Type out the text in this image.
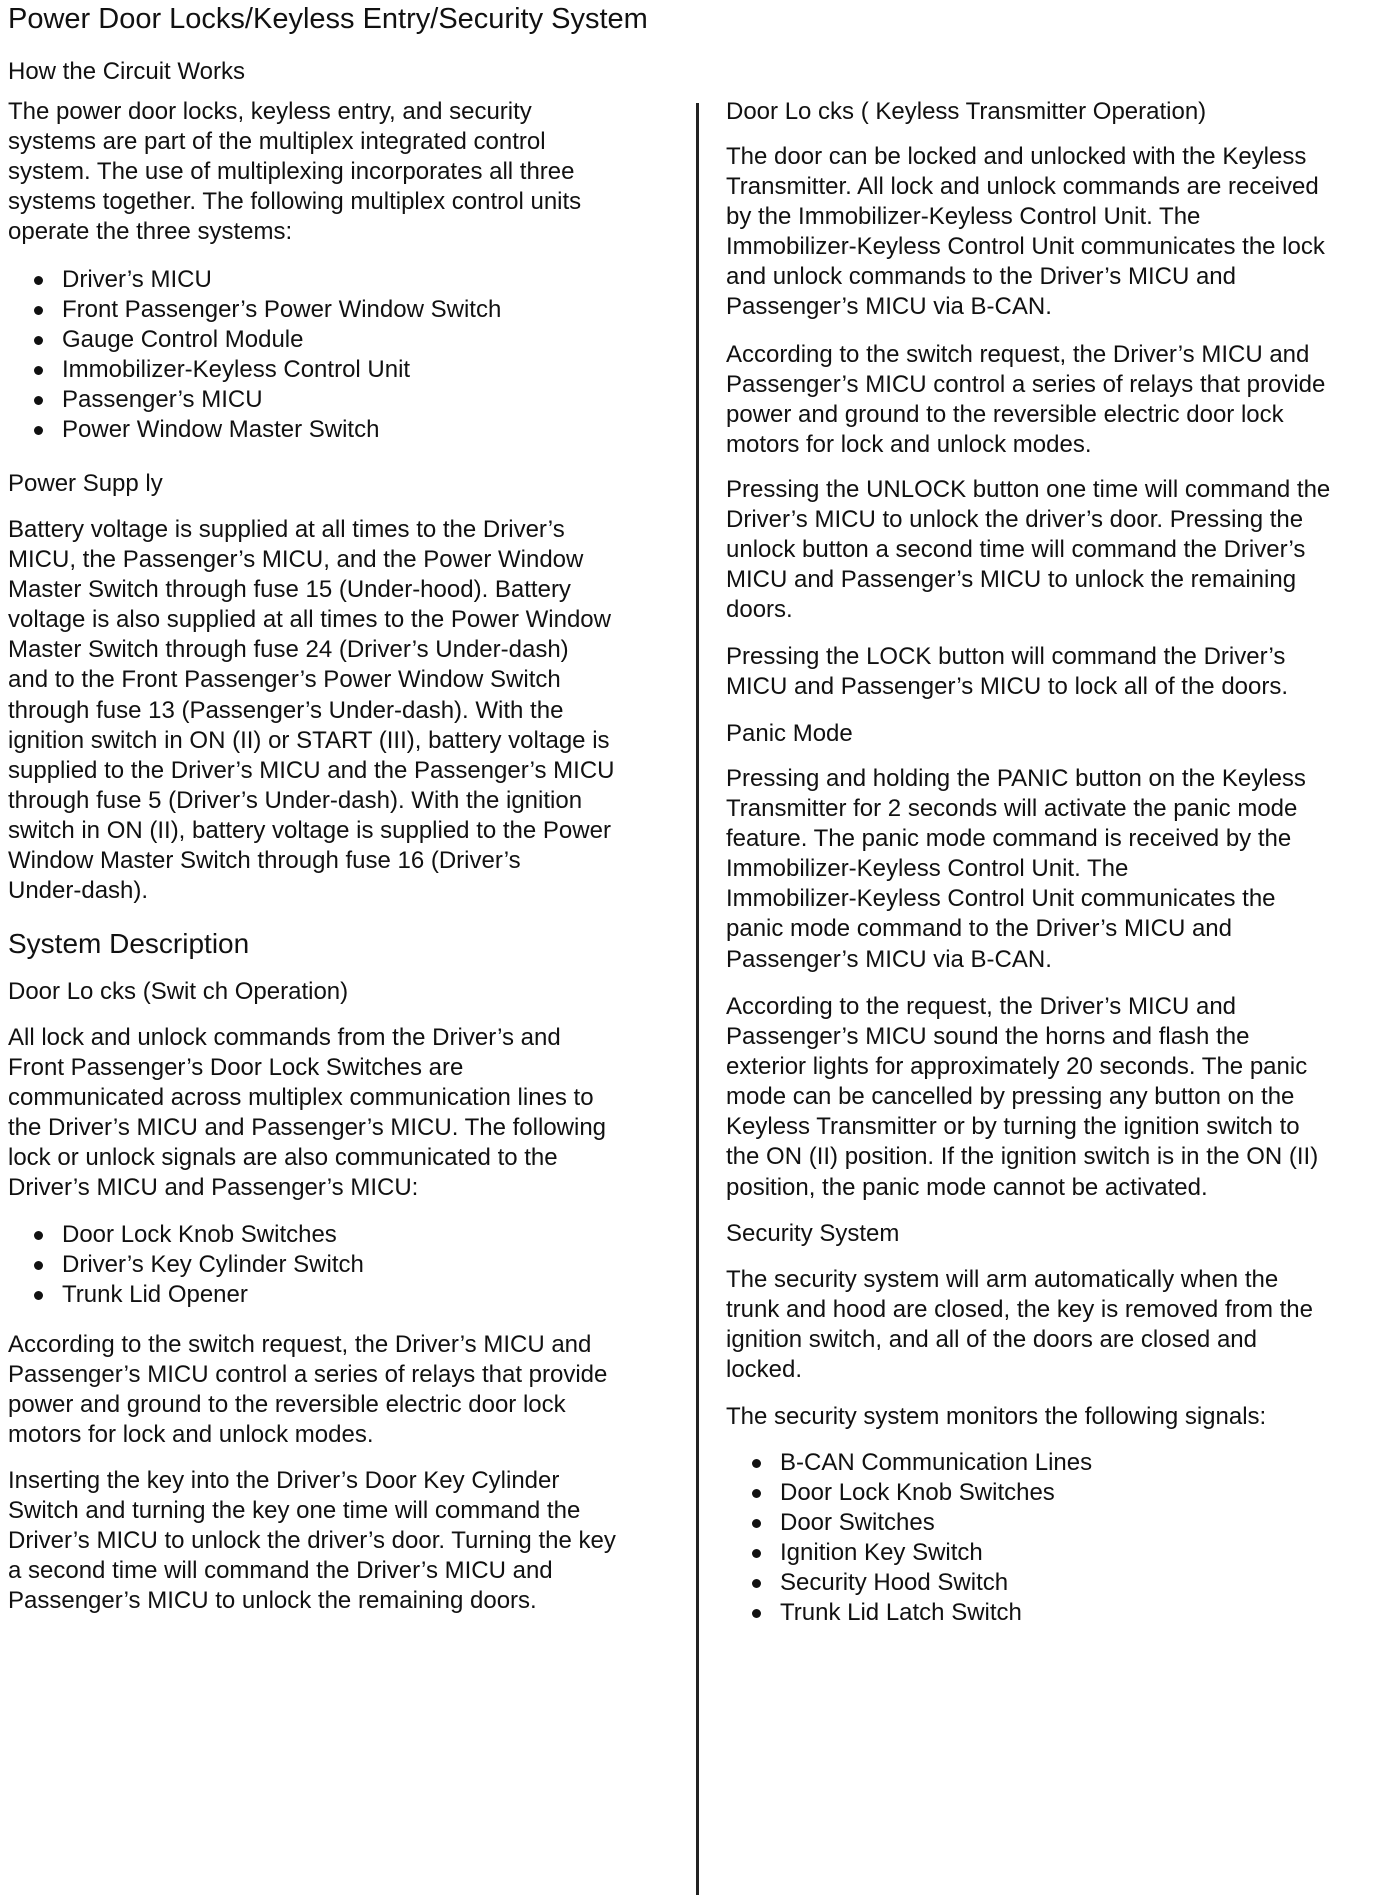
Power Door Locks/Keyless Entry/Security System
How the Circuit Works
The power door locks, keyless entry, and security
systems are part of the multiplex integrated control
system. The use of multiplexing incorporates all three
systems together. The following multiplex control units
operate the three systems:
Driver’s MICU
Front Passenger’s Power Window Switch
Gauge Control Module
Immobilizer-Keyless Control Unit
Passenger’s MICU
Power Window Master Switch
Power Supp ly
Battery voltage is supplied at all times to the Driver’s
MICU, the Passenger’s MICU, and the Power Window
Master Switch through fuse 15 (Under-hood). Battery
voltage is also supplied at all times to the Power Window
Master Switch through fuse 24 (Driver’s Under-dash)
and to the Front Passenger’s Power Window Switch
through fuse 13 (Passenger’s Under-dash). With the
ignition switch in ON (II) or START (III), battery voltage is
supplied to the Driver’s MICU and the Passenger’s MICU
through fuse 5 (Driver’s Under-dash). With the ignition
switch in ON (II), battery voltage is supplied to the Power
Window Master Switch through fuse 16 (Driver’s
Under-dash).
System Description
Door Lo cks (Swit ch Operation)
All lock and unlock commands from the Driver’s and
Front Passenger’s Door Lock Switches are
communicated across multiplex communication lines to
the Driver’s MICU and Passenger’s MICU. The following
lock or unlock signals are also communicated to the
Driver’s MICU and Passenger’s MICU:
Door Lock Knob Switches
Driver’s Key Cylinder Switch
Trunk Lid Opener
According to the switch request, the Driver’s MICU and
Passenger’s MICU control a series of relays that provide
power and ground to the reversible electric door lock
motors for lock and unlock modes.
Inserting the key into the Driver’s Door Key Cylinder
Switch and turning the key one time will command the
Driver’s MICU to unlock the driver’s door. Turning the key
a second time will command the Driver’s MICU and
Passenger’s MICU to unlock the remaining doors.
Door Lo cks ( Keyless Transmitter Operation)
The door can be locked and unlocked with the Keyless
Transmitter. All lock and unlock commands are received
by the Immobilizer-Keyless Control Unit. The
Immobilizer-Keyless Control Unit communicates the lock
and unlock commands to the Driver’s MICU and
Passenger’s MICU via B-CAN.
According to the switch request, the Driver’s MICU and
Passenger’s MICU control a series of relays that provide
power and ground to the reversible electric door lock
motors for lock and unlock modes.
Pressing the UNLOCK button one time will command the
Driver’s MICU to unlock the driver’s door. Pressing the
unlock button a second time will command the Driver’s
MICU and Passenger’s MICU to unlock the remaining
doors.
Pressing the LOCK button will command the Driver’s
MICU and Passenger’s MICU to lock all of the doors.
Panic Mode
Pressing and holding the PANIC button on the Keyless
Transmitter for 2 seconds will activate the panic mode
feature. The panic mode command is received by the
Immobilizer-Keyless Control Unit. The
Immobilizer-Keyless Control Unit communicates the
panic mode command to the Driver’s MICU and
Passenger’s MICU via B-CAN.
According to the request, the Driver’s MICU and
Passenger’s MICU sound the horns and flash the
exterior lights for approximately 20 seconds. The panic
mode can be cancelled by pressing any button on the
Keyless Transmitter or by turning the ignition switch to
the ON (II) position. If the ignition switch is in the ON (II)
position, the panic mode cannot be activated.
Security System
The security system will arm automatically when the
trunk and hood are closed, the key is removed from the
ignition switch, and all of the doors are closed and
locked.
The security system monitors the following signals:
B-CAN Communication Lines
Door Lock Knob Switches
Door Switches
Ignition Key Switch
Security Hood Switch
Trunk Lid Latch Switch
